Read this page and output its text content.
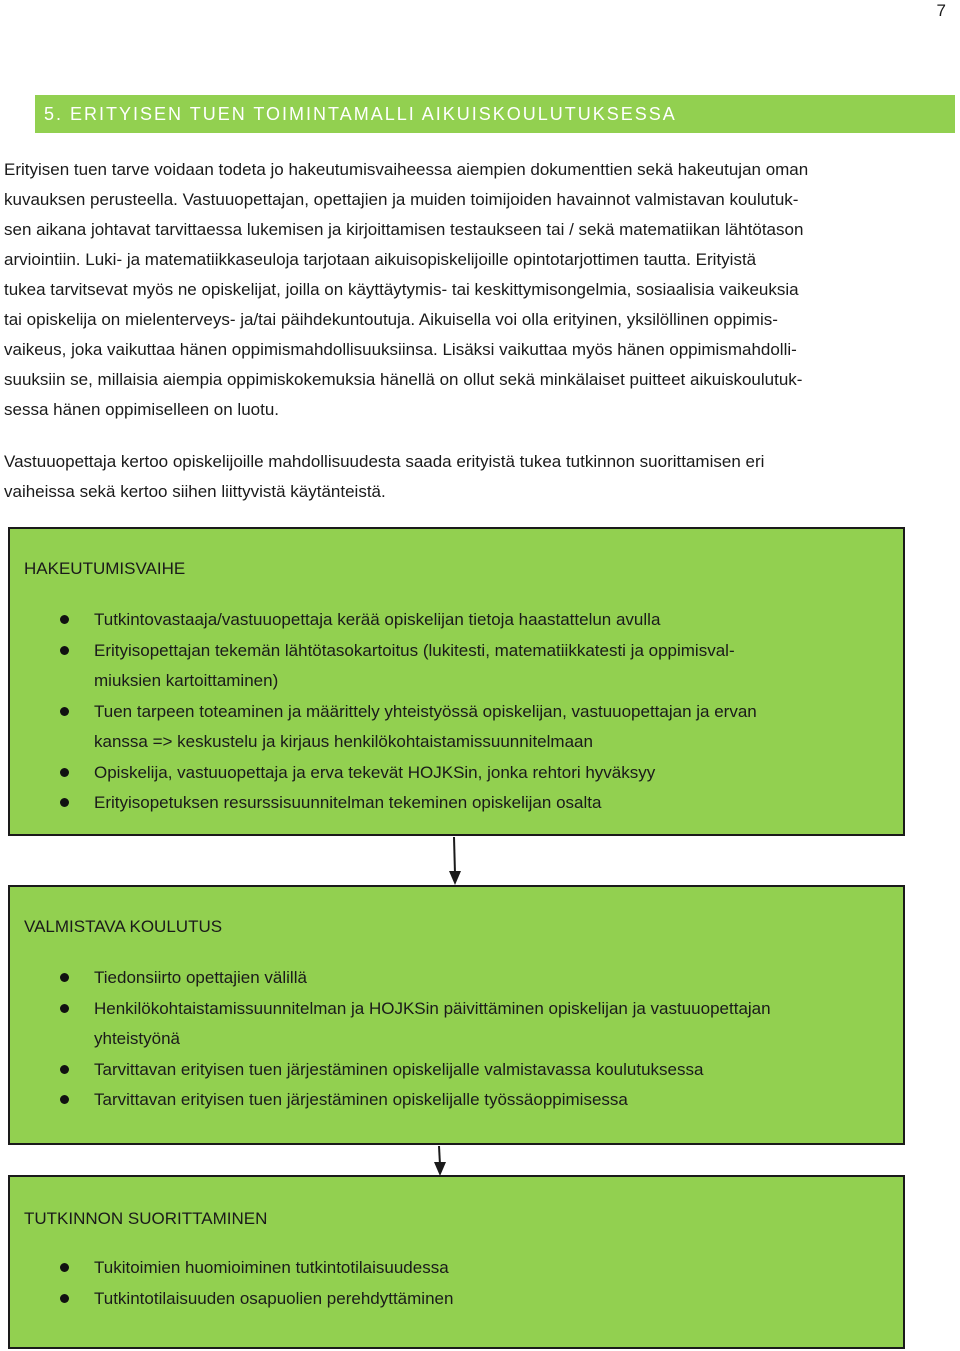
7
5. ERITYISEN TUEN TOIMINTAMALLI AIKUISKOULUTUKSESSA
Erityisen tuen tarve voidaan todeta jo hakeutumisvaiheessa aiempien dokumenttien sekä hakeutujan oman
kuvauksen perusteella. Vastuuopettajan, opettajien ja muiden toimijoiden havainnot valmistavan koulutuk-
sen aikana johtavat tarvittaessa lukemisen ja kirjoittamisen testaukseen tai / sekä matematiikan lähtötason
arviointiin. Luki- ja matematiikkaseuloja tarjotaan aikuisopiskelijoille opintotarjottimen tautta. Erityistä
tukea tarvitsevat myös ne opiskelijat, joilla on käyttäytymis- tai keskittymisongelmia, sosiaalisia vaikeuksia
tai opiskelija on mielenterveys- ja/tai päihdekuntoutuja. Aikuisella voi olla erityinen, yksilöllinen oppimis-
vaikeus, joka vaikuttaa hänen oppimismahdollisuuksiinsa. Lisäksi vaikuttaa myös hänen oppimismahdolli-
suuksiin se, millaisia aiempia oppimiskokemuksia hänellä on ollut sekä minkälaiset puitteet aikuiskoulutuk-
sessa hänen oppimiselleen on luotu.
Vastuuopettaja kertoo opiskelijoille mahdollisuudesta saada erityistä tukea tutkinnon suorittamisen eri
vaiheissa sekä kertoo siihen liittyvistä käytänteistä.
HAKEUTUMISVAIHE
Tutkintovastaaja/vastuuopettaja kerää opiskelijan tietoja haastattelun avulla
Erityisopettajan tekemän lähtötasokartoitus (lukitesti, matematiikkatesti ja oppimisval-
miuksien kartoittaminen)
Tuen tarpeen toteaminen ja määrittely yhteistyössä opiskelijan, vastuuopettajan ja ervan
kanssa => keskustelu ja kirjaus henkilökohtaistamissuunnitelmaan
Opiskelija, vastuuopettaja ja erva tekevät HOJKSin, jonka rehtori hyväksyy
Erityisopetuksen resurssisuunnitelman tekeminen opiskelijan osalta
VALMISTAVA KOULUTUS
Tiedonsiirto opettajien välillä
Henkilökohtaistamissuunnitelman ja HOJKSin päivittäminen opiskelijan ja vastuuopettajan
yhteistyönä
Tarvittavan erityisen tuen järjestäminen opiskelijalle valmistavassa koulutuksessa
Tarvittavan erityisen tuen järjestäminen opiskelijalle työssäoppimisessa
TUTKINNON SUORITTAMINEN
Tukitoimien huomioiminen tutkintotilaisuudessa
Tutkintotilaisuuden osapuolien perehdyttäminen
